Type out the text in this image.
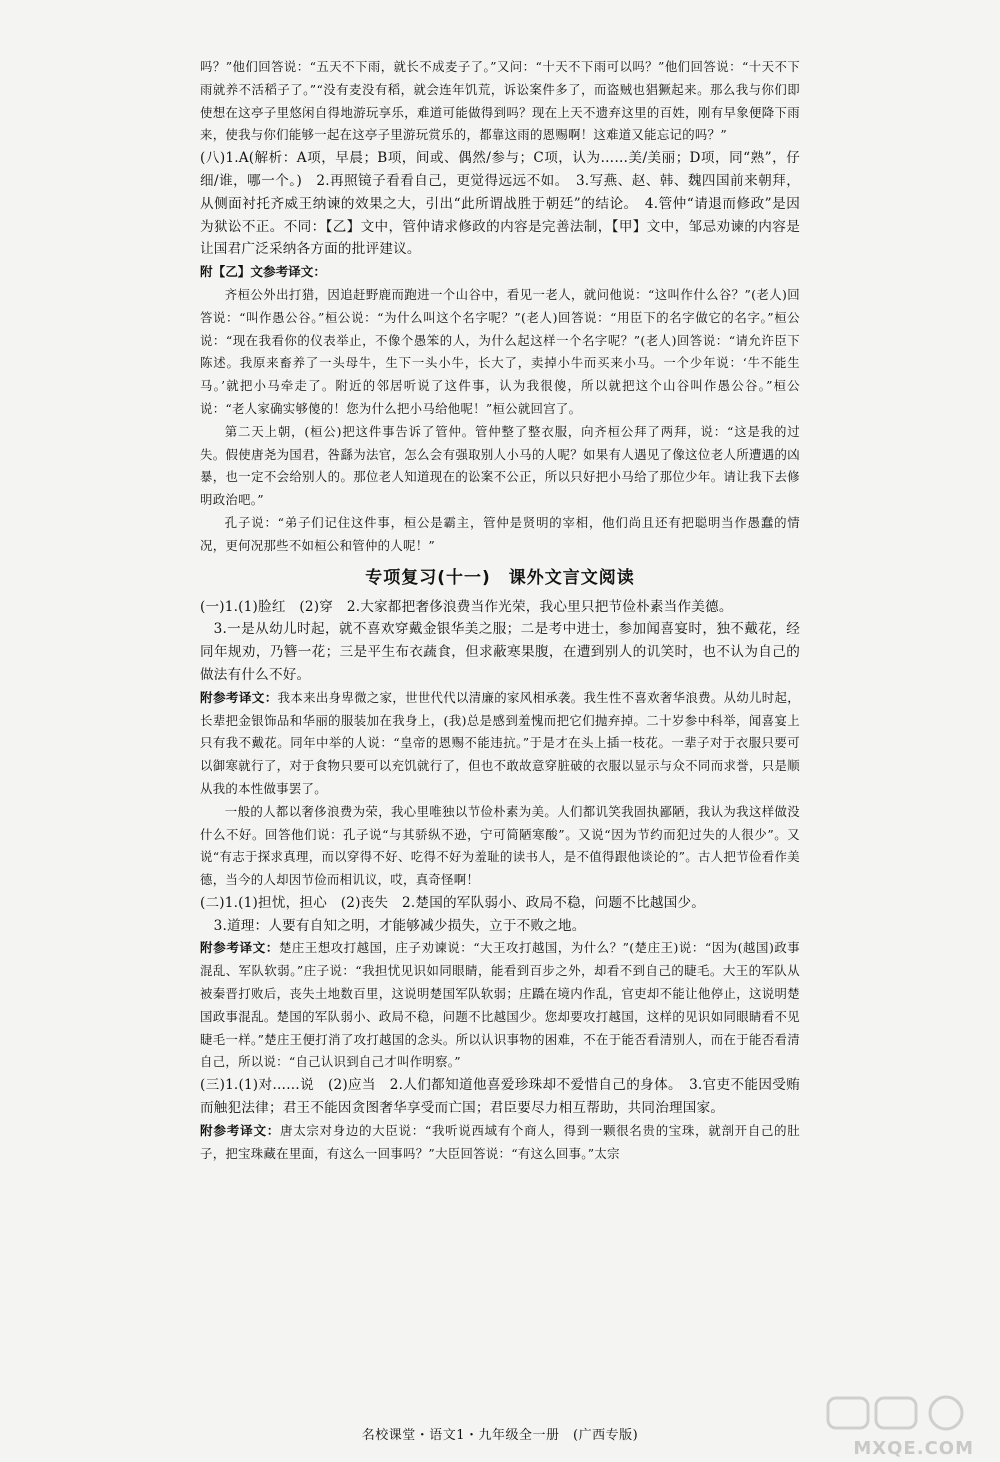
吗？”他们回答说：“五天不下雨，就长不成麦子了。”又问：“十天不下雨可以吗？”他们回答说：“十天不下雨就养不活稻子了。”“没有麦没有稻，就会连年饥荒，诉讼案件多了，而盗贼也猖獗起来。那么我与你们即使想在这亭子里悠闲自得地游玩享乐，难道可能做得到吗？现在上天不遗弃这里的百姓，刚有早象便降下雨来，使我与你们能够一起在这亭子里游玩赏乐的，都靠这雨的恩赐啊！这难道又能忘记的吗？”

(八)1.A(解析：A项，早晨；B项，间或、偶然/参与；C项，认为……美/美丽；D项，同“熟”，仔细/谁，哪一个。)　2.再照镜子看看自己，更觉得远远不如。　3.写燕、赵、韩、魏四国前来朝拜，从侧面衬托齐威王纳谏的效果之大，引出“此所谓战胜于朝廷”的结论。　4.管仲“请退而修政”是因为狱讼不正。不同：【乙】文中，管仲请求修政的内容是完善法制，【甲】文中，邹忌劝谏的内容是让国君广泛采纳各方面的批评建议。

附【乙】文参考译文：

齐桓公外出打猎，因追赶野鹿而跑进一个山谷中，看见一老人，就问他说：“这叫作什么谷？”(老人)回答说：“叫作愚公谷。”桓公说：“为什么叫这个名字呢？”(老人)回答说：“用臣下的名字做它的名字。”桓公说：“现在我看你的仪表举止，不像个愚笨的人，为什么起这样一个名字呢？”(老人)回答说：“请允许臣下陈述。我原来畜养了一头母牛，生下一头小牛，长大了，卖掉小牛而买来小马。一个少年说：‘牛不能生马。’就把小马牵走了。附近的邻居听说了这件事，认为我很傻，所以就把这个山谷叫作愚公谷。”桓公说：“老人家确实够傻的！您为什么把小马给他呢！”桓公就回宫了。

第二天上朝，(桓公)把这件事告诉了管仲。管仲整了整衣服，向齐桓公拜了两拜，说：“这是我的过失。假使唐尧为国君，咎繇为法官，怎么会有强取别人小马的人呢？如果有人遇见了像这位老人所遭遇的凶暴，也一定不会给别人的。那位老人知道现在的讼案不公正，所以只好把小马给了那位少年。请让我下去修明政治吧。”

孔子说：“弟子们记住这件事，桓公是霸主，管仲是贤明的宰相，他们尚且还有把聪明当作愚蠢的情况，更何况那些不如桓公和管仲的人呢！”

专项复习(十一)　课外文言文阅读

(一)1.(1)脸红　(2)穿　2.大家都把奢侈浪费当作光荣，我心里只把节俭朴素当作美德。

3.一是从幼儿时起，就不喜欢穿戴金银华美之服；二是考中进士，参加闻喜宴时，独不戴花，经同年规劝，乃簪一花；三是平生布衣蔬食，但求蔽寒果腹，在遭到别人的讥笑时，也不认为自己的做法有什么不好。

附参考译文：我本来出身卑微之家，世世代代以清廉的家风相承袭。我生性不喜欢奢华浪费。从幼儿时起，长辈把金银饰品和华丽的服装加在我身上，(我)总是感到羞愧而把它们抛弃掉。二十岁参中科举，闻喜宴上只有我不戴花。同年中举的人说：“皇帝的恩赐不能违抗。”于是才在头上插一枝花。一辈子对于衣服只要可以御寒就行了，对于食物只要可以充饥就行了，但也不敢故意穿脏破的衣服以显示与众不同而求誉，只是顺从我的本性做事罢了。

一般的人都以奢侈浪费为荣，我心里唯独以节俭朴素为美。人们都讥笑我固执鄙陋，我认为我这样做没什么不好。回答他们说：孔子说“与其骄纵不逊，宁可简陋寒酸”。又说“因为节约而犯过失的人很少”。又说“有志于探求真理，而以穿得不好、吃得不好为羞耻的读书人，是不值得跟他谈论的”。古人把节俭看作美德，当今的人却因节俭而相讥议，哎，真奇怪啊！

(二)1.(1)担忧，担心　(2)丧失　2.楚国的军队弱小、政局不稳，问题不比越国少。

3.道理：人要有自知之明，才能够减少损失，立于不败之地。

附参考译文：楚庄王想攻打越国，庄子劝谏说：“大王攻打越国，为什么？”(楚庄王)说：“因为(越国)政事混乱、军队软弱。”庄子说：“我担忧见识如同眼睛，能看到百步之外，却看不到自己的睫毛。大王的军队从被秦晋打败后，丧失土地数百里，这说明楚国军队软弱；庄蹻在境内作乱，官吏却不能让他停止，这说明楚国政事混乱。楚国的军队弱小、政局不稳，问题不比越国少。您却要攻打越国，这样的见识如同眼睛看不见睫毛一样。”楚庄王便打消了攻打越国的念头。所以认识事物的困难，不在于能否看清别人，而在于能否看清自己，所以说：“自己认识到自己才叫作明察。”

(三)1.(1)对……说　(2)应当　2.人们都知道他喜爱珍珠却不爱惜自己的身体。　3.官吏不能因受贿而触犯法律；君王不能因贪图奢华享受而亡国；君臣要尽力相互帮助，共同治理国家。

附参考译文：唐太宗对身边的大臣说：“我听说西域有个商人，得到一颗很名贵的宝珠，就剖开自己的肚子，把宝珠藏在里面，有这么一回事吗？”大臣回答说：“有这么回事。”太宗

名校课堂・语文1・九年级全一册　(广西专版)
MXQE.COM
